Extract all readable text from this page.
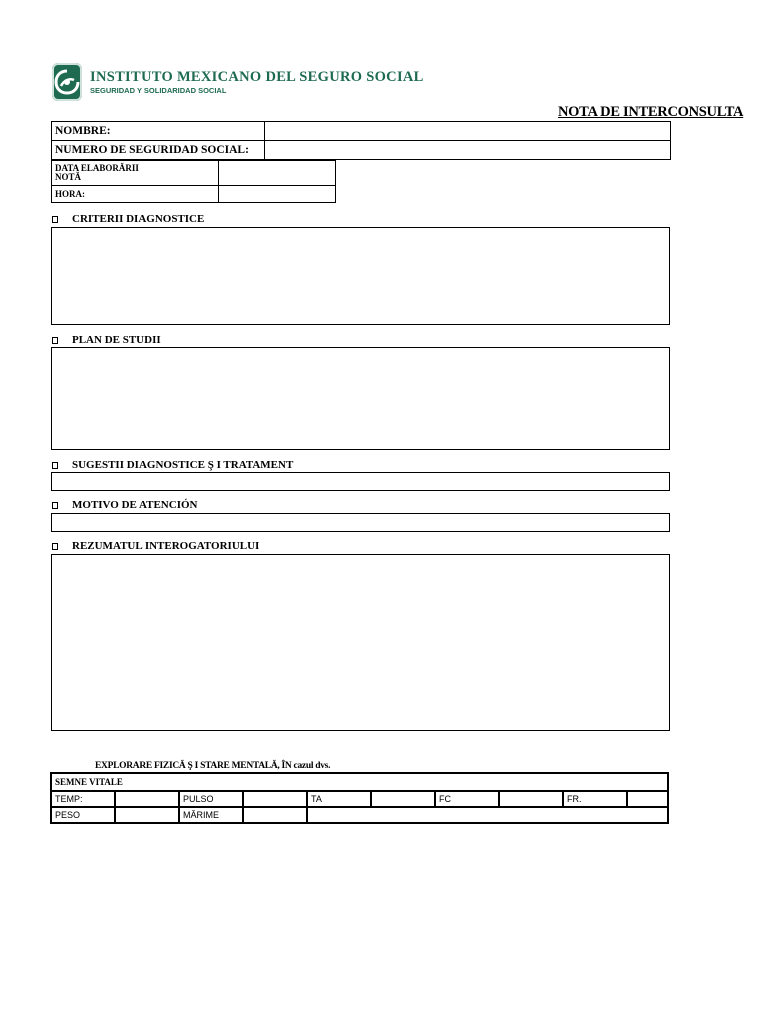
INSTITUTO MEXICANO DEL SEGURO SOCIAL
SEGURIDAD Y SOLIDARIDAD SOCIAL
NOTA DE INTERCONSULTA
NOMBRE:	
NUMERO DE SEGURIDAD SOCIAL:	
DATA ELABORĂRII
NOTĂ	

HORA:	
CRITERII DIAGNOSTICE
PLAN DE STUDII
SUGESTII DIAGNOSTICE Ş I TRATAMENT
MOTIVO DE ATENCIÓN
REZUMATUL INTEROGATORIULUI
EXPLORARE FIZICĂ Ş I STARE MENTALĂ, ÎN cazul dvs.
SEMNE VITALE									
TEMP:		PULSO		TA		FC		FR.	
PESO		MĂRIME							
